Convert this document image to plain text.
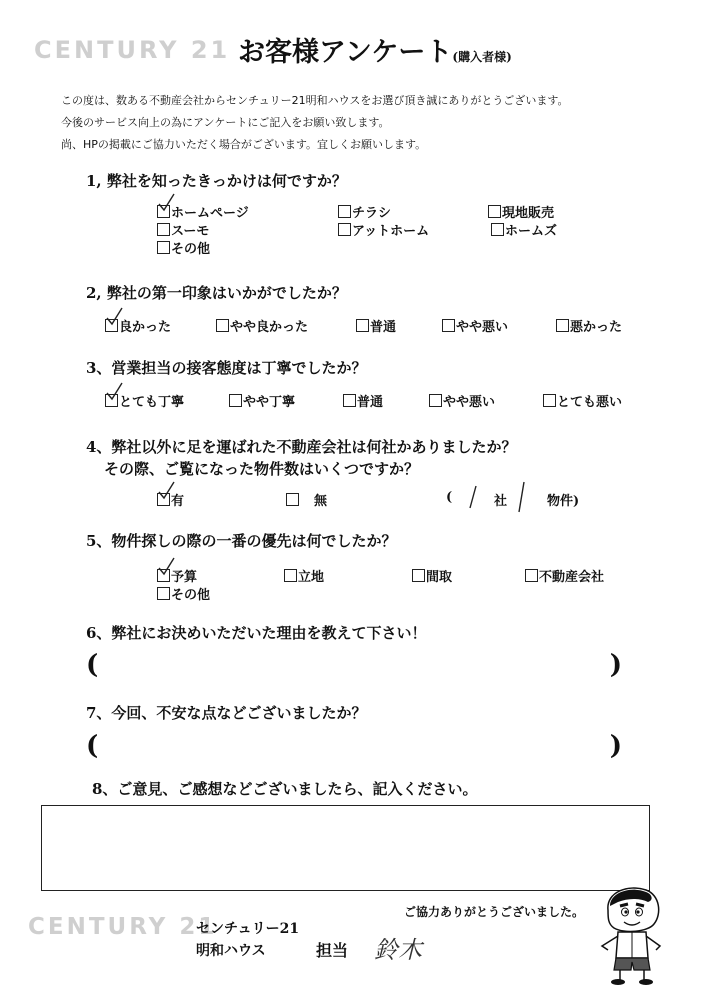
CENTURY 21 お客様アンケート(購入者様)
この度は、数ある不動産会社からセンチュリー21明和ハウスをお選び頂き誠にありがとうございます。
今後のサービス向上の為にアンケートにご記入をお願い致します。
尚、HPの掲載にご協力いただく場合がございます。宜しくお願いします。
1, 弊社を知ったきっかけは何ですか？
ホームページ	チラシ	現地販売
スーモ	アットホーム	ホームズ
その他
2, 弊社の第一印象はいかがでしたか？
良かった	やや良かった	普通	やや悪い	悪かった
3、営業担当の接客態度は丁寧でしたか？
とても丁寧	やや丁寧	普通	やや悪い	とても悪い
4、弊社以外に足を運ばれた不動産会社は何社かありましたか？
その際、ご覧になった物件数はいくつですか？
有	無	(	社	物件)
5、物件探しの際の一番の優先は何でしたか？
予算	立地	間取	不動産会社
その他
6、弊社にお決めいただいた理由を教えて下さい！
(	)
7、今回、不安な点などございましたか？
(	)
8、ご意見、ご感想などございましたら、記入ください。
ご協力ありがとうございました。
CENTURY 21
センチュリー21
明和ハウス	担当 鈴木
